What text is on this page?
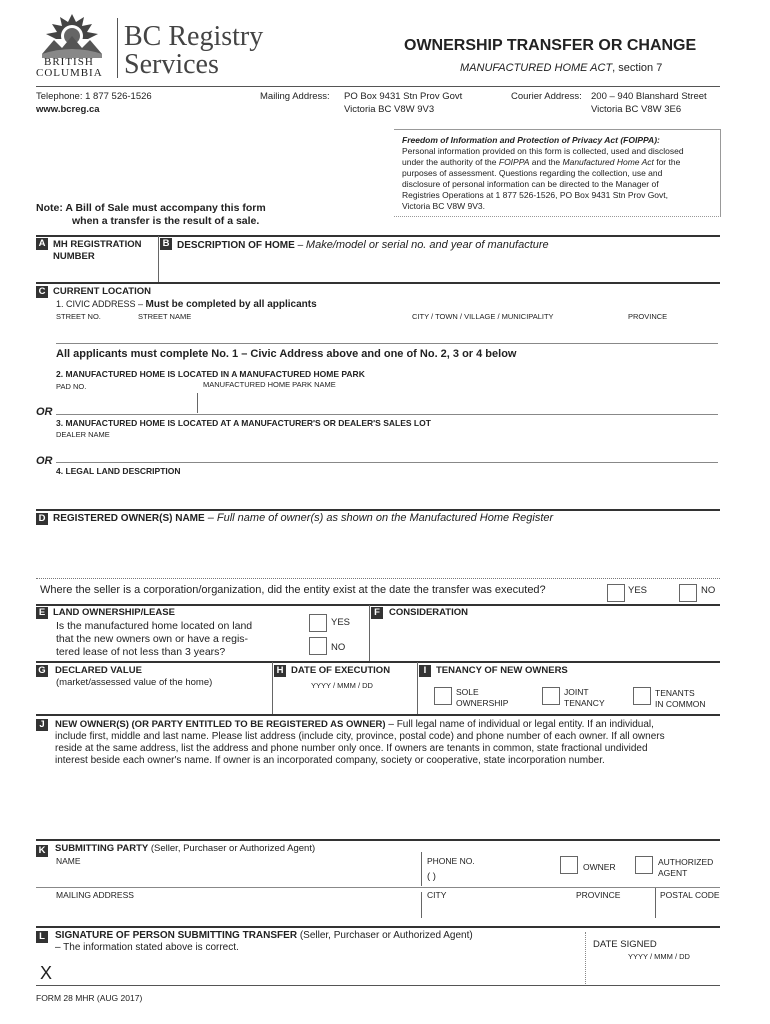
BRITISH
COLUMBIA
BC Registry
Services
OWNERSHIP TRANSFER OR CHANGE
MANUFACTURED HOME ACT, section 7
Telephone: 1 877 526-1526
www.bcreg.ca
Mailing Address: PO Box 9431 Stn Prov Govt
Victoria BC V8W 9V3
Courier Address: 200 – 940 Blanshard Street
Victoria BC V8W 3E6
Freedom of Information and Protection of Privacy Act (FOIPPA):
Personal information provided on this form is collected, used and disclosed
under the authority of the FOIPPA and the Manufactured Home Act for the
purposes of assessment. Questions regarding the collection, use and
disclosure of personal information can be directed to the Manager of
Registries Operations at 1 877 526-1526, PO Box 9431 Stn Prov Govt,
Victoria BC V8W 9V3.
Note: A Bill of Sale must accompany this form
when a transfer is the result of a sale.
A MH REGISTRATION
NUMBER
B DESCRIPTION OF HOME – Make/model or serial no. and year of manufacture
C CURRENT LOCATION
1. CIVIC ADDRESS – Must be completed by all applicants
STREET NO.	STREET NAME	CITY / TOWN / VILLAGE / MUNICIPALITY	PROVINCE
All applicants must complete No. 1 – Civic Address above and one of No. 2, 3 or 4 below
2. MANUFACTURED HOME IS LOCATED IN A MANUFACTURED HOME PARK
PAD NO.	MANUFACTURED HOME PARK NAME
OR
3. MANUFACTURED HOME IS LOCATED AT A MANUFACTURER'S OR DEALER'S SALES LOT
DEALER NAME
OR
4. LEGAL LAND DESCRIPTION
D REGISTERED OWNER(S) NAME – Full name of owner(s) as shown on the Manufactured Home Register
Where the seller is a corporation/organization, did the entity exist at the date the transfer was executed?	YES	NO
E LAND OWNERSHIP/LEASE
Is the manufactured home located on land
that the new owners own or have a regis-
tered lease of not less than 3 years?
YES
NO
F CONSIDERATION
G DECLARED VALUE
(market/assessed value of the home)
H DATE OF EXECUTION
YYYY / MMM / DD
I	TENANCY OF NEW OWNERS
SOLE
OWNERSHIP
JOINT
TENANCY
TENANTS
IN COMMON
J	NEW OWNER(S) (OR PARTY ENTITLED TO BE REGISTERED AS OWNER) – Full legal name of individual or legal entity. If an individual,
include first, middle and last name. Please list address (include city, province, postal code) and phone number of each owner. If all owners
reside at the same address, list the address and phone number only once. If owners are tenants in common, state fractional undivided
interest beside each owner's name. If owner is an incorporated company, society or cooperative, state incorporation number.
K SUBMITTING PARTY (Seller, Purchaser or Authorized Agent)
NAME	PHONE NO.
( )
OWNER	AUTHORIZED
AGENT
MAILING ADDRESS	CITY	PROVINCE	POSTAL CODE
L	SIGNATURE OF PERSON SUBMITTING TRANSFER (Seller, Purchaser or Authorized Agent)
– The information stated above is correct.	DATE SIGNED
YYYY / MMM / DD
X
FORM 28 MHR (AUG 2017)
